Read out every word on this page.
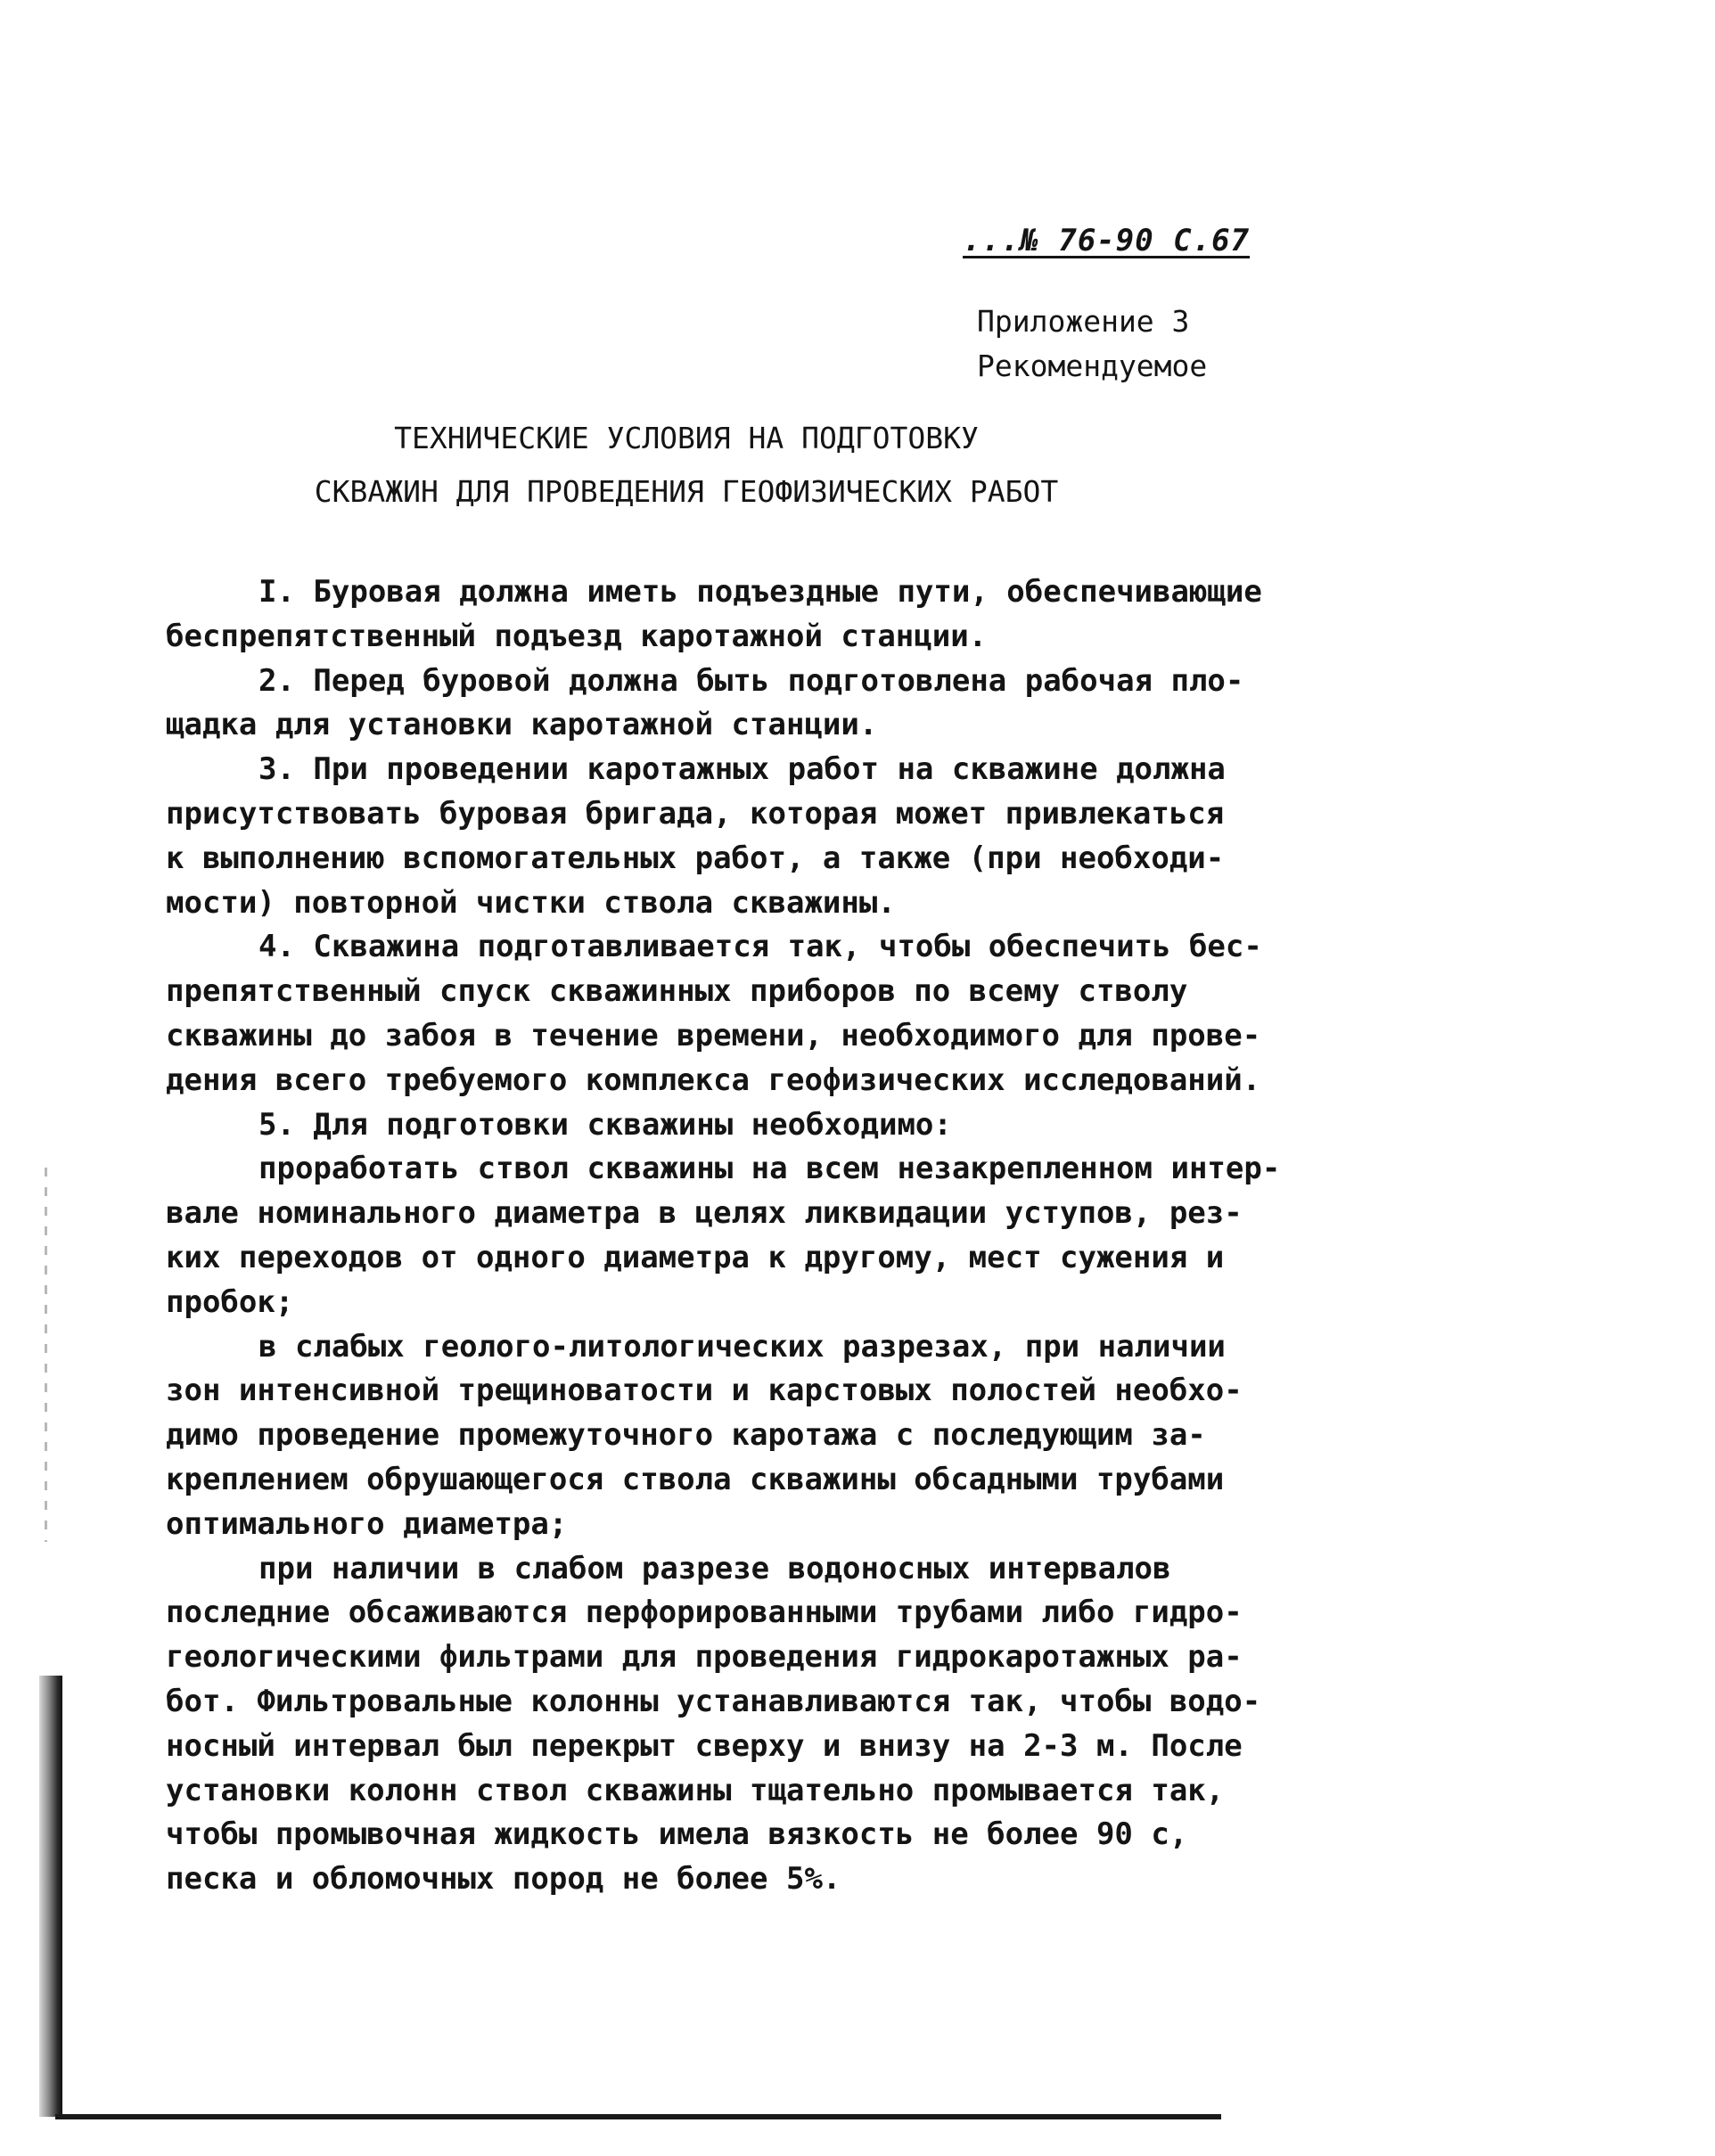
...№ 76-90 С.67
Приложение 3
Рекомендуемое
ТЕХНИЧЕСКИЕ УСЛОВИЯ НА ПОДГОТОВКУ
СКВАЖИН ДЛЯ ПРОВЕДЕНИЯ ГЕОФИЗИЧЕСКИХ РАБОТ
I. Буровая должна иметь подъездные пути, обеспечивающие
беспрепятственный подъезд каротажной станции.
2. Перед буровой должна быть подготовлена рабочая пло-
щадка для установки каротажной станции.
3. При проведении каротажных работ на скважине должна
присутствовать буровая бригада, которая может привлекаться
к выполнению вспомогательных работ, а также (при необходи-
мости) повторной чистки ствола скважины.
4. Скважина подготавливается так, чтобы обеспечить бес-
препятственный спуск скважинных приборов по всему стволу
скважины до забоя в течение времени, необходимого для прове-
дения всего требуемого комплекса геофизических исследований.
5. Для подготовки скважины необходимо:
проработать ствол скважины на всем незакрепленном интер-
вале номинального диаметра в целях ликвидации уступов, рез-
ких переходов от одного диаметра к другому, мест сужения и
пробок;
в слабых геолого-литологических разрезах, при наличии
зон интенсивной трещиноватости и карстовых полостей необхо-
димо проведение промежуточного каротажа с последующим за-
креплением обрушающегося ствола скважины обсадными трубами
оптимального диаметра;
при наличии в слабом разрезе водоносных интервалов
последние обсаживаются перфорированными трубами либо гидро-
геологическими фильтрами для проведения гидрокаротажных ра-
бот. Фильтровальные колонны устанавливаются так, чтобы водо-
носный интервал был перекрыт сверху и внизу на 2-3 м. После
установки колонн ствол скважины тщательно промывается так,
чтобы промывочная жидкость имела вязкость не более 90 с,
песка и обломочных пород не более 5%.
